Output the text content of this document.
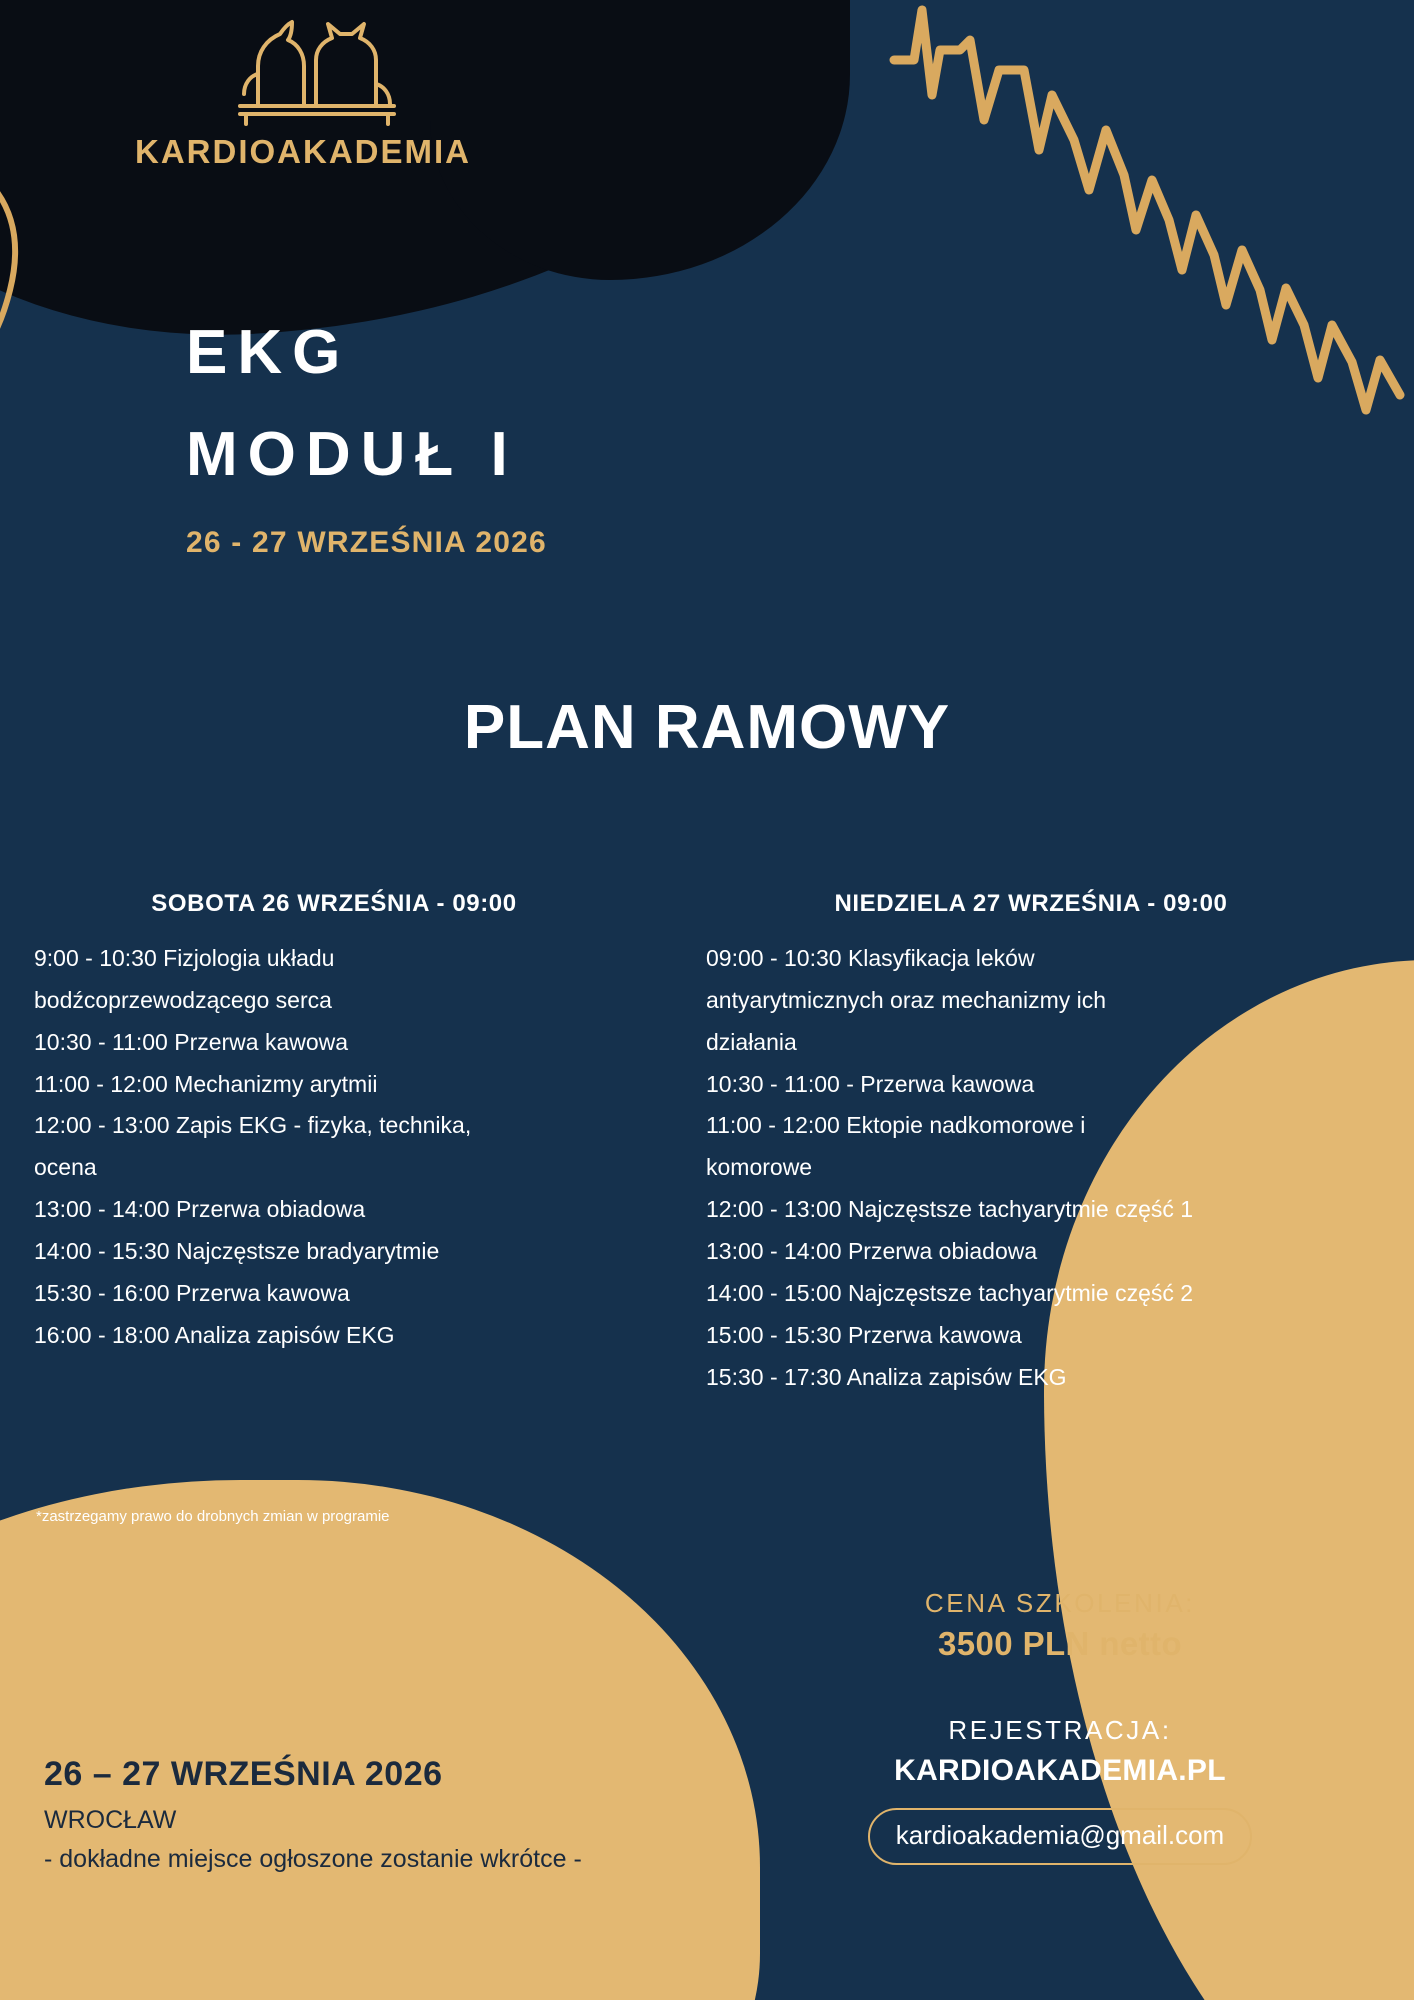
KARDIOAKADEMIA
EKG
MODUŁ I
26 - 27 WRZEŚNIA 2026
PLAN RAMOWY
SOBOTA 26 WRZEŚNIA - 09:00
9:00 - 10:30 Fizjologia układu
bodźcoprzewodzącego serca
10:30 - 11:00 Przerwa kawowa
11:00 - 12:00 Mechanizmy arytmii
12:00 - 13:00 Zapis EKG - fizyka, technika,
ocena
13:00 - 14:00 Przerwa obiadowa
14:00 - 15:30 Najczęstsze bradyarytmie
15:30 - 16:00 Przerwa kawowa
16:00 - 18:00 Analiza zapisów EKG
NIEDZIELA 27 WRZEŚNIA - 09:00
09:00 - 10:30 Klasyfikacja leków
antyarytmicznych oraz mechanizmy ich
działania
10:30 - 11:00 - Przerwa kawowa
11:00 - 12:00 Ektopie nadkomorowe i
komorowe
12:00 - 13:00 Najczęstsze tachyarytmie część 1
13:00 - 14:00 Przerwa obiadowa
14:00 - 15:00 Najczęstsze tachyarytmie część 2
15:00 - 15:30 Przerwa kawowa
15:30 - 17:30 Analiza zapisów EKG
*zastrzegamy prawo do drobnych zmian w programie
CENA SZKOLENIA:
3500 PLN netto
REJESTRACJA:
KARDIOAKADEMIA.PL
kardioakademia@gmail.com
26 – 27 WRZEŚNIA 2026
WROCŁAW
- dokładne miejsce ogłoszone zostanie wkrótce -
